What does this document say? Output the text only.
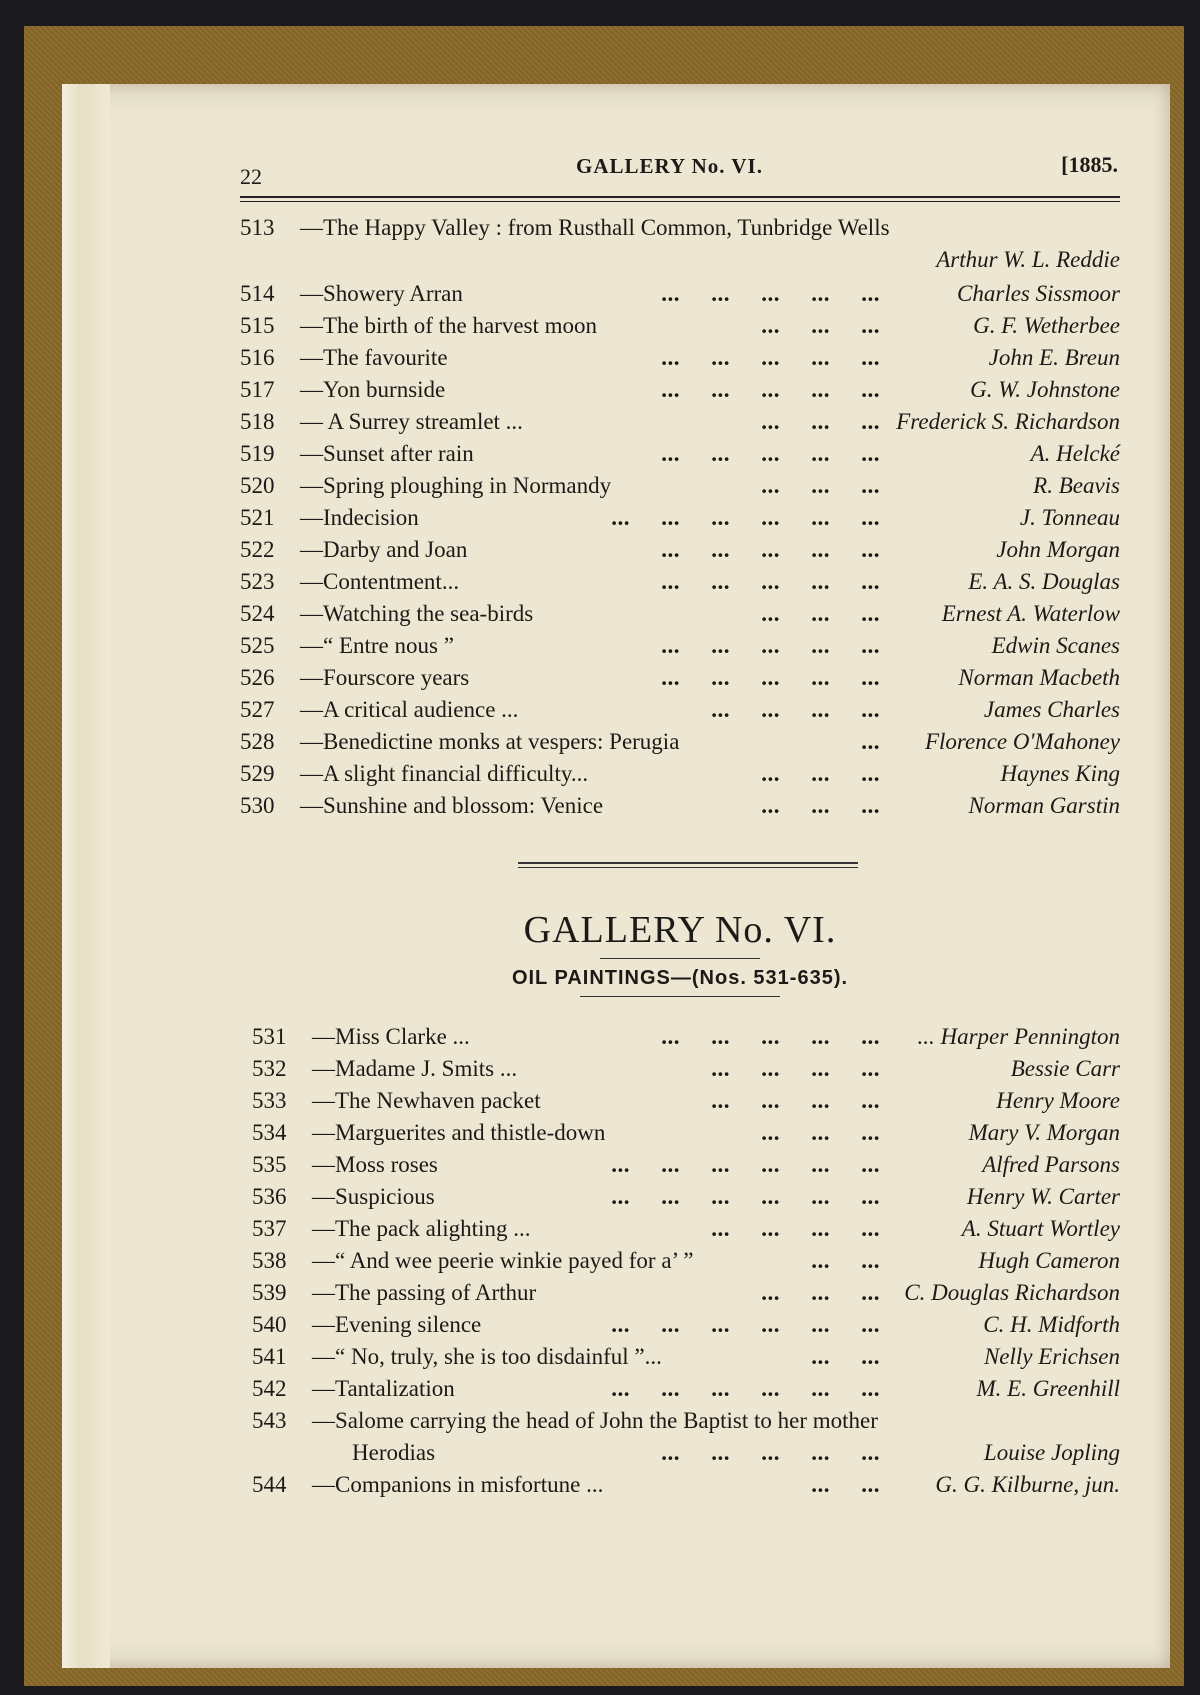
22	GALLERY No. VI.	[1885.
513 —The Happy Valley : from Rusthall Common, Tunbridge Wells
Arthur W. L. Reddie
514 —Showery Arran	...     ...     ...     ...     ...	Charles Sissmoor
515 —The birth of the harvest moon	...     ...     ...	G. F. Wetherbee
516 —The favourite	...     ...     ...     ...     ...	John E. Breun
517 —Yon burnside	...     ...     ...     ...     ...	G. W. Johnstone
518 — A Surrey streamlet ...	...     ...     ... Frederick S. Richardson
519 —Sunset after rain	...     ...     ...     ...     ...	A. Helcké
520 —Spring ploughing in Normandy	...     ...     ...	R. Beavis
521 —Indecision	...     ...     ...     ...     ...     ...	J. Tonneau
522 —Darby and Joan	...     ...     ...     ...     ...	John Morgan
523 —Contentment...	...     ...     ...     ...     ...	E. A. S. Douglas
524 —Watching the sea-birds	...     ...     ...	Ernest A. Waterlow
525 —“ Entre nous ”	...     ...     ...     ...     ...	Edwin Scanes
526 —Fourscore years	...     ...     ...     ...     ...	Norman Macbeth
527 —A critical audience ...	...     ...     ...     ...	James Charles
528 —Benedictine monks at vespers: Perugia	... Florence O'Mahoney
529 —A slight financial difficulty...	...     ...     ...	Haynes King
530 —Sunshine and blossom: Venice	...     ...     ...	Norman Garstin
GALLERY No. VI.
OIL PAINTINGS—(Nos. 531-635).
531 —Miss Clarke ...	...     ...     ...     ...     ... ... Harper Pennington
532 —Madame J. Smits ...	...     ...     ...     ...	Bessie Carr
533 —The Newhaven packet	...     ...     ...     ...	Henry Moore
534 —Marguerites and thistle-down	...     ...     ...	Mary V. Morgan
535 —Moss roses	...     ...     ...     ...     ...     ...	Alfred Parsons
536 —Suspicious	...     ...     ...     ...     ...     ...	Henry W. Carter
537 —The pack alighting ...	...     ...     ...     ...	A. Stuart Wortley
538 —“ And wee peerie winkie payed for a’ ”	...     ...	Hugh Cameron
539 —The passing of Arthur	...     ...     ... C. Douglas Richardson
540 —Evening silence	...     ...     ...     ...     ...     ...	C. H. Midforth
541 —“ No, truly, she is too disdainful ”...	...     ...	Nelly Erichsen
542 —Tantalization	...     ...     ...     ...     ...     ...	M. E. Greenhill
543 —Salome carrying the head of John the Baptist to her mother
Herodias	...     ...     ...     ...     ...	Louise Jopling
544 —Companions in misfortune ...	...     ... G. G. Kilburne, jun.
